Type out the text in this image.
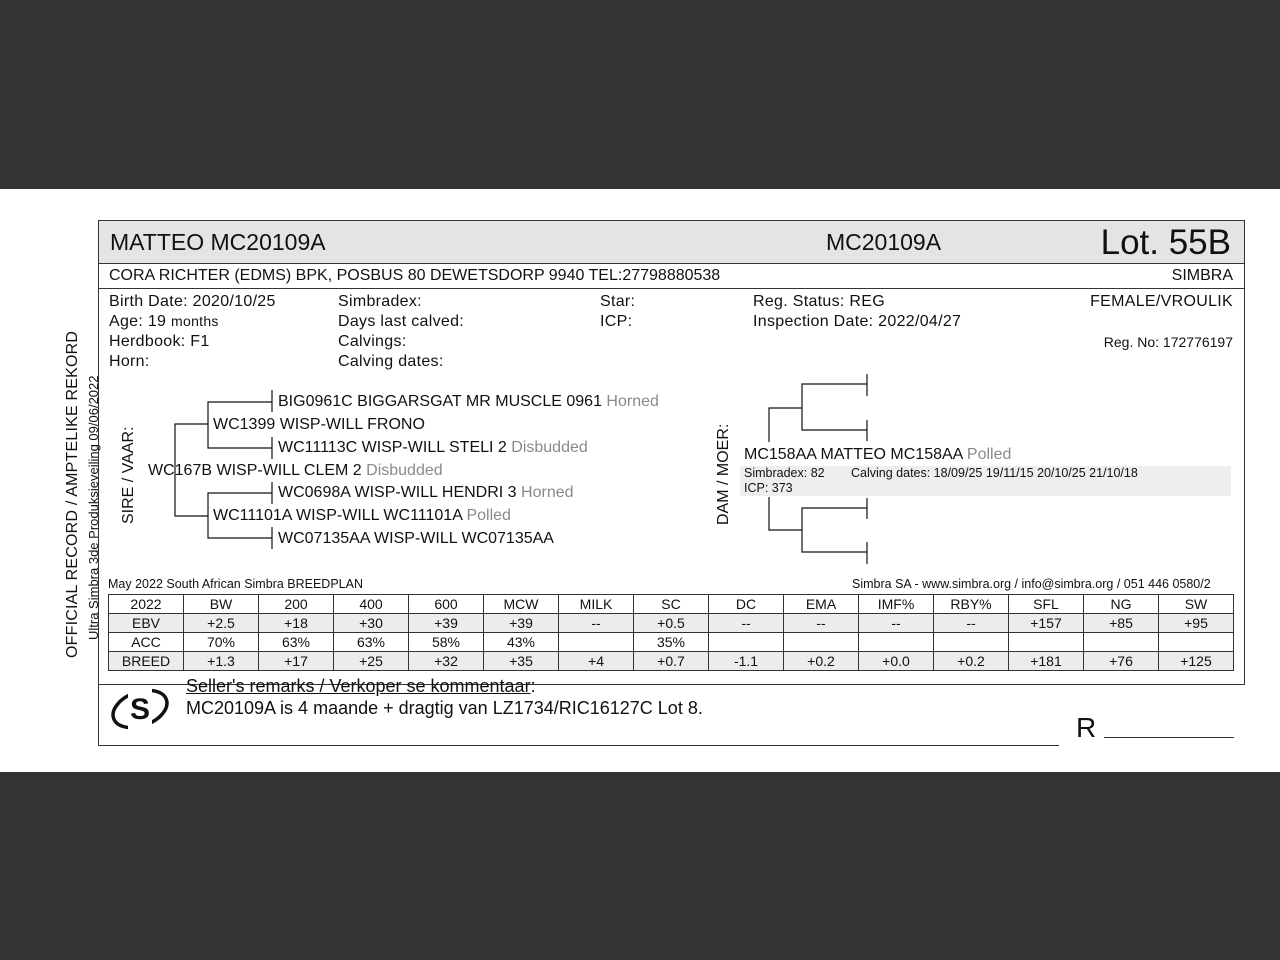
OFFICIAL RECORD / AMPTELIKE REKORD Ultra Simbra 3de Produksieveiling 09/06/2022
MATTEO MC20109A	MC20109A	Lot. 55B
CORA RICHTER (EDMS) BPK, POSBUS 80 DEWETSDORP 9940 TEL:27798880538	SIMBRA
Birth Date: 2020/10/25
Age: 19 months
Herdbook: F1
Horn:
Simbradex:
Days last calved:
Calvings:
Calving dates:
Star:
ICP:
Reg. Status: REG
Inspection Date: 2022/04/27
FEMALE/VROULIK
Reg. No: 172776197
SIRE / VAAR:	DAM / MOER:
BIG0961C BIGGARSGAT MR MUSCLE 0961 Horned
WC1399 WISP-WILL FRONO
WC11113C WISP-WILL STELI 2 Disbudded
WC167B WISP-WILL CLEM 2 Disbudded
WC0698A WISP-WILL HENDRI 3 Horned
WC11101A WISP-WILL WC11101A Polled
WC07135AA WISP-WILL WC07135AA
MC158AA MATTEO MC158AA Polled
Simbradex: 82 Calving dates: 18/09/25 19/11/15 20/10/25 21/10/18
ICP: 373
May 2022 South African Simbra BREEDPLAN	Simbra SA - www.simbra.org / info@simbra.org / 051 446 0580/2
2022	BW	200	400	600	MCW	MILK	SC	DC	EMA	IMF%	RBY%	SFL	NG	SW
EBV	+2.5	+18	+30	+39	+39	--	+0.5	--	--	--	--	+157	+85	+95
ACC	70%	63%	63%	58%	43%		35%							
BREED	+1.3	+17	+25	+32	+35	+4	+0.7	-1.1	+0.2	+0.0	+0.2	+181	+76	+125
S
Seller's remarks / Verkoper se kommentaar:
MC20109A is 4 maande + dragtig van LZ1734/RIC16127C Lot 8.
R
